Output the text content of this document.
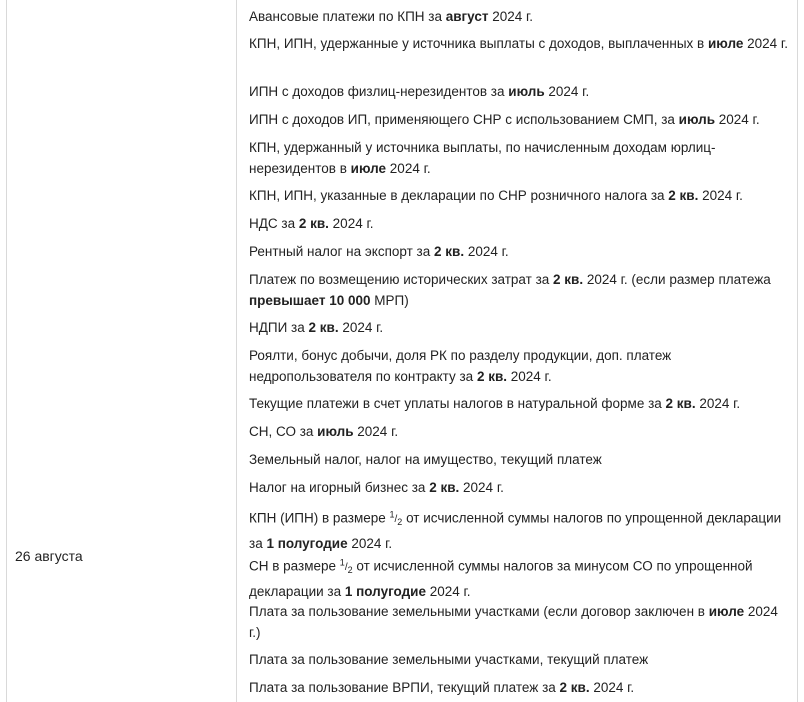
26 августа
Авансовые платежи по КПН за август 2024 г.
КПН, ИПН, удержанные у источника выплаты с доходов, выплаченных в июле 2024 г.
ИПН с доходов физлиц-нерезидентов за июль 2024 г.
ИПН с доходов ИП, применяющего СНР с использованием СМП, за июль 2024 г.
КПН, удержанный у источника выплаты, по начисленным доходам юрлиц-нерезидентов в июле 2024 г.
КПН, ИПН, указанные в декларации по СНР розничного налога за 2 кв. 2024 г.
НДС за 2 кв. 2024 г.
Рентный налог на экспорт за 2 кв. 2024 г.
Платеж по возмещению исторических затрат за 2 кв. 2024 г. (если размер платежа превышает 10 000 МРП)
НДПИ за 2 кв. 2024 г.
Роялти, бонус добычи, доля РК по разделу продукции, доп. платеж недропользователя по контракту за 2 кв. 2024 г.
Текущие платежи в счет уплаты налогов в натуральной форме за 2 кв. 2024 г.
СН, СО за июль 2024 г.
Земельный налог, налог на имущество, текущий платеж
Налог на игорный бизнес за 2 кв. 2024 г.
КПН (ИПН) в размере $^1/_2$ от исчисленной суммы налогов по упрощенной декларации за 1 полугодие 2024 г.
СН в размере $^1/_2$ от исчисленной суммы налогов за минусом СО по упрощенной декларации за 1 полугодие 2024 г.
Плата за пользование земельными участками (если договор заключен в июле 2024 г.)
Плата за пользование земельными участками, текущий платеж
Плата за пользование ВРПИ, текущий платеж за 2 кв. 2024 г.
